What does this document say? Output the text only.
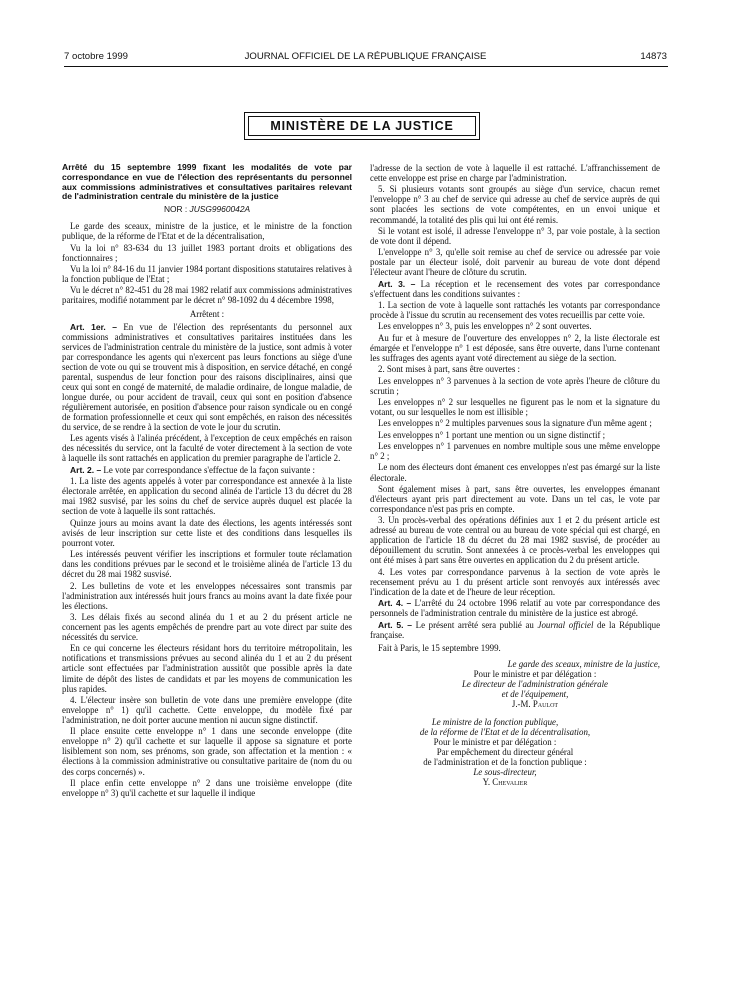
7 octobre 1999	JOURNAL OFFICIEL DE LA RÉPUBLIQUE FRANÇAISE	14873
MINISTÈRE DE LA JUSTICE

Arrêté du 15 septembre 1999 fixant les modalités de vote par correspondance en vue de l'élection des représentants du personnel aux commissions administratives et consultatives paritaires relevant de l'administration centrale du ministère de la justice

NOR : JUSG9960042A

Le garde des sceaux, ministre de la justice, et le ministre de la fonction publique, de la réforme de l'Etat et de la décentralisation,

Vu la loi n° 83-634 du 13 juillet 1983 portant droits et obligations des fonctionnaires ;

Vu la loi n° 84-16 du 11 janvier 1984 portant dispositions statutaires relatives à la fonction publique de l'Etat ;

Vu le décret n° 82-451 du 28 mai 1982 relatif aux commissions administratives paritaires, modifié notamment par le décret n° 98-1092 du 4 décembre 1998,

Arrêtent :

Art. 1er. – En vue de l'élection des représentants du personnel aux commissions administratives et consultatives paritaires instituées dans les services de l'administration centrale du ministère de la justice, sont admis à voter par correspondance les agents qui n'exercent pas leurs fonctions au siège d'une section de vote ou qui se trouvent mis à disposition, en service détaché, en congé parental, suspendus de leur fonction pour des raisons disciplinaires, ainsi que ceux qui sont en congé de maternité, de maladie ordinaire, de longue maladie, de longue durée, ou pour accident de travail, ceux qui sont en position d'absence régulièrement autorisée, en position d'absence pour raison syndicale ou en congé de formation professionnelle et ceux qui sont empêchés, en raison des nécessités du service, de se rendre à la section de vote le jour du scrutin.

Les agents visés à l'alinéa précédent, à l'exception de ceux empêchés en raison des nécessités du service, ont la faculté de voter directement à la section de vote à laquelle ils sont rattachés en application du premier paragraphe de l'article 2.

Art. 2. – Le vote par correspondance s'effectue de la façon suivante :

1. La liste des agents appelés à voter par correspondance est annexée à la liste électorale arrêtée, en application du second alinéa de l'article 13 du décret du 28 mai 1982 susvisé, par les soins du chef de service auprès duquel est placée la section de vote à laquelle ils sont rattachés.

Quinze jours au moins avant la date des élections, les agents intéressés sont avisés de leur inscription sur cette liste et des conditions dans lesquelles ils pourront voter.

Les intéressés peuvent vérifier les inscriptions et formuler toute réclamation dans les conditions prévues par le second et le troisième alinéa de l'article 13 du décret du 28 mai 1982 susvisé.

2. Les bulletins de vote et les enveloppes nécessaires sont transmis par l'administration aux intéressés huit jours francs au moins avant la date fixée pour les élections.

3. Les délais fixés au second alinéa du 1 et au 2 du présent article ne concernent pas les agents empêchés de prendre part au vote direct par suite des nécessités du service.

En ce qui concerne les électeurs résidant hors du territoire métropolitain, les notifications et transmissions prévues au second alinéa du 1 et au 2 du présent article sont effectuées par l'administration aussitôt que possible après la date limite de dépôt des listes de candidats et par les moyens de communication les plus rapides.

4. L'électeur insère son bulletin de vote dans une première enveloppe (dite enveloppe n° 1) qu'il cachette. Cette enveloppe, du modèle fixé par l'administration, ne doit porter aucune mention ni aucun signe distinctif.

Il place ensuite cette enveloppe n° 1 dans une seconde enveloppe (dite enveloppe n° 2) qu'il cachette et sur laquelle il appose sa signature et porte lisiblement son nom, ses prénoms, son grade, son affectation et la mention : « élections à la commission administrative ou consultative paritaire de (nom du ou des corps concernés) ».

Il place enfin cette enveloppe n° 2 dans une troisième enveloppe (dite enveloppe n° 3) qu'il cachette et sur laquelle il indique

l'adresse de la section de vote à laquelle il est rattaché. L'affranchissement de cette enveloppe est prise en charge par l'administration.

5. Si plusieurs votants sont groupés au siège d'un service, chacun remet l'enveloppe n° 3 au chef de service qui adresse au chef de service auprès de qui sont placées les sections de vote compétentes, en un envoi unique et recommandé, la totalité des plis qui lui ont été remis.

Si le votant est isolé, il adresse l'enveloppe n° 3, par voie postale, à la section de vote dont il dépend.

L'enveloppe n° 3, qu'elle soit remise au chef de service ou adressée par voie postale par un électeur isolé, doit parvenir au bureau de vote dont dépend l'électeur avant l'heure de clôture du scrutin.

Art. 3. – La réception et le recensement des votes par correspondance s'effectuent dans les conditions suivantes :

1. La section de vote à laquelle sont rattachés les votants par correspondance procède à l'issue du scrutin au recensement des votes recueillis par cette voie.

Les enveloppes n° 3, puis les enveloppes n° 2 sont ouvertes.

Au fur et à mesure de l'ouverture des enveloppes n° 2, la liste électorale est émargée et l'enveloppe n° 1 est déposée, sans être ouverte, dans l'urne contenant les suffrages des agents ayant voté directement au siège de la section.

2. Sont mises à part, sans être ouvertes :

Les enveloppes n° 3 parvenues à la section de vote après l'heure de clôture du scrutin ;

Les enveloppes n° 2 sur lesquelles ne figurent pas le nom et la signature du votant, ou sur lesquelles le nom est illisible ;

Les enveloppes n° 2 multiples parvenues sous la signature d'un même agent ;

Les enveloppes n° 1 portant une mention ou un signe distinctif ;

Les enveloppes n° 1 parvenues en nombre multiple sous une même enveloppe n° 2 ;

Le nom des électeurs dont émanent ces enveloppes n'est pas émargé sur la liste électorale.

Sont également mises à part, sans être ouvertes, les enveloppes émanant d'électeurs ayant pris part directement au vote. Dans un tel cas, le vote par correspondance n'est pas pris en compte.

3. Un procès-verbal des opérations définies aux 1 et 2 du présent article est adressé au bureau de vote central ou au bureau de vote spécial qui est chargé, en application de l'article 18 du décret du 28 mai 1982 susvisé, de procéder au dépouillement du scrutin. Sont annexées à ce procès-verbal les enveloppes qui ont été mises à part sans être ouvertes en application du 2 du présent article.

4. Les votes par correspondance parvenus à la section de vote après le recensement prévu au 1 du présent article sont renvoyés aux intéressés avec l'indication de la date et de l'heure de leur réception.

Art. 4. – L'arrêté du 24 octobre 1996 relatif au vote par correspondance des personnels de l'administration centrale du ministère de la justice est abrogé.

Art. 5. – Le présent arrêté sera publié au Journal officiel de la République française.

Fait à Paris, le 15 septembre 1999.

Le garde des sceaux, ministre de la justice,

Pour le ministre et par délégation :

Le directeur de l'administration générale

et de l'équipement,

J.-M. Paulot

Le ministre de la fonction publique,

de la réforme de l'Etat et de la décentralisation,

Pour le ministre et par délégation :

Par empêchement du directeur général

de l'administration et de la fonction publique :

Le sous-directeur,

Y. Chevalier
